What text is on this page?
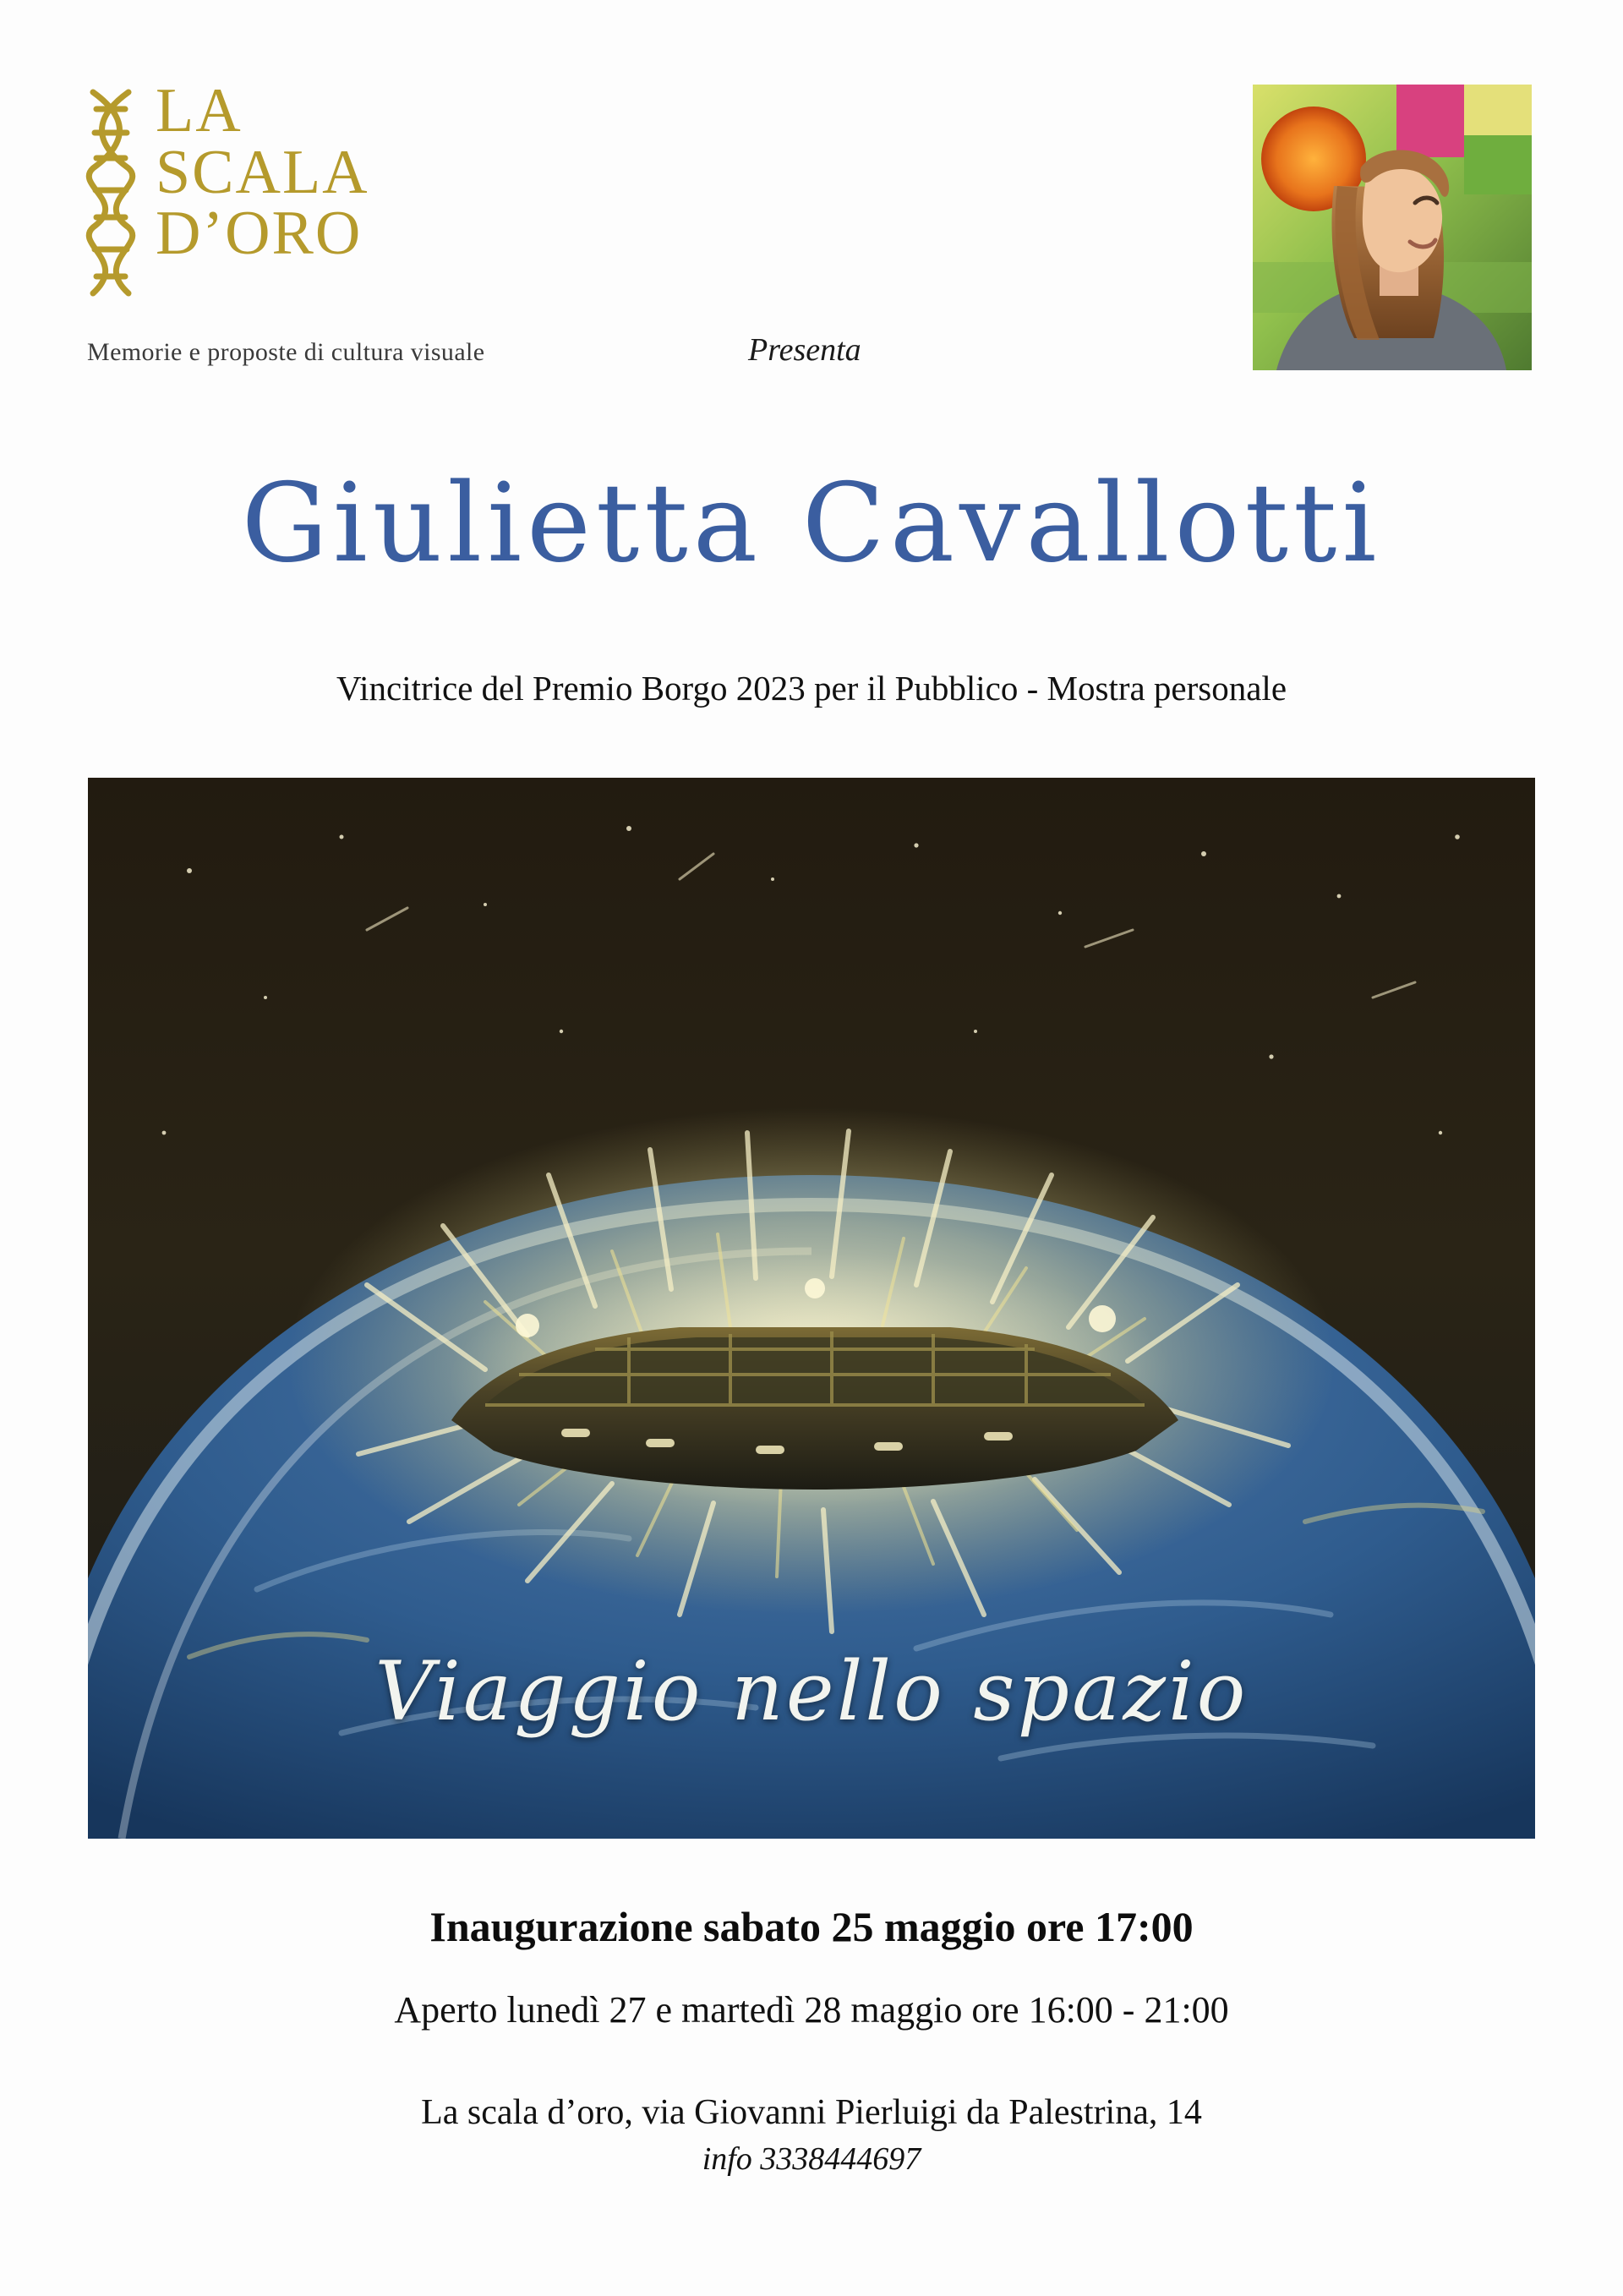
LA
SCALA
D’ORO
Memorie e proposte di cultura visuale	Presenta
Giulietta Cavallotti
Vincitrice del Premio Borgo 2023 per il Pubblico - Mostra personale
Viaggio nello spazio
Inaugurazione sabato 25 maggio ore 17:00
Aperto lunedì 27 e martedì 28 maggio ore 16:00 - 21:00
La scala d’oro, via Giovanni Pierluigi da Palestrina, 14
info 3338444697
